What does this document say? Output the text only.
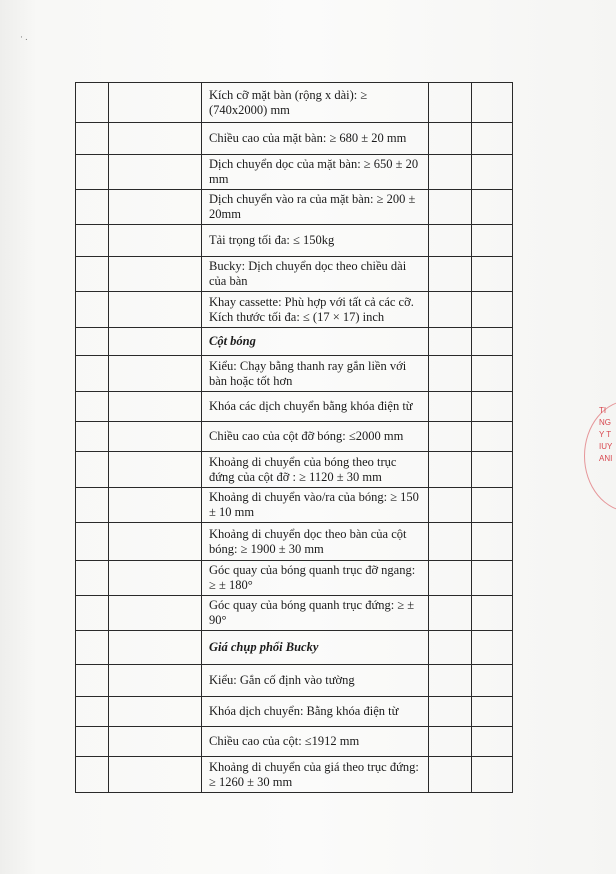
· .
		Kích cỡ mặt bàn (rộng x dài): ≥ (740x2000) mm		
		Chiều cao của mặt bàn: ≥ 680 ± 20 mm		
		Dịch chuyển dọc của mặt bàn: ≥ 650 ± 20 mm		
		Dịch chuyển vào ra của mặt bàn: ≥ 200 ± 20mm		
		Tải trọng tối đa: ≤ 150kg		
		Bucky: Dịch chuyển dọc theo chiều dài của bàn		
		Khay cassette: Phù hợp với tất cả các cỡ. Kích thước tối đa: ≤ (17 × 17) inch		
		Cột bóng		
		Kiểu: Chạy bằng thanh ray gắn liền với bàn hoặc tốt hơn		
		Khóa các dịch chuyển bằng khóa điện từ		
		Chiều cao của cột đỡ bóng: ≤2000 mm		
		Khoảng di chuyển của bóng theo trục đứng của cột đỡ : ≥ 1120 ± 30 mm		
		Khoảng di chuyển vào/ra của bóng: ≥ 150 ± 10 mm		
		Khoảng di chuyển dọc theo bàn của cột bóng: ≥ 1900 ± 30 mm		
		Góc quay của bóng quanh trục đỡ ngang: ≥ ± 180°		
		Góc quay của bóng quanh trục đứng: ≥ ± 90°		
		Giá chụp phổi Bucky		
		Kiểu: Gắn cố định vào tường		
		Khóa dịch chuyển: Bằng khóa điện từ		
		Chiều cao của cột: ≤1912 mm		
		Khoảng di chuyển của giá theo trục đứng: ≥ 1260 ± 30 mm		
TI
NG
Y T
IUY
ANI
